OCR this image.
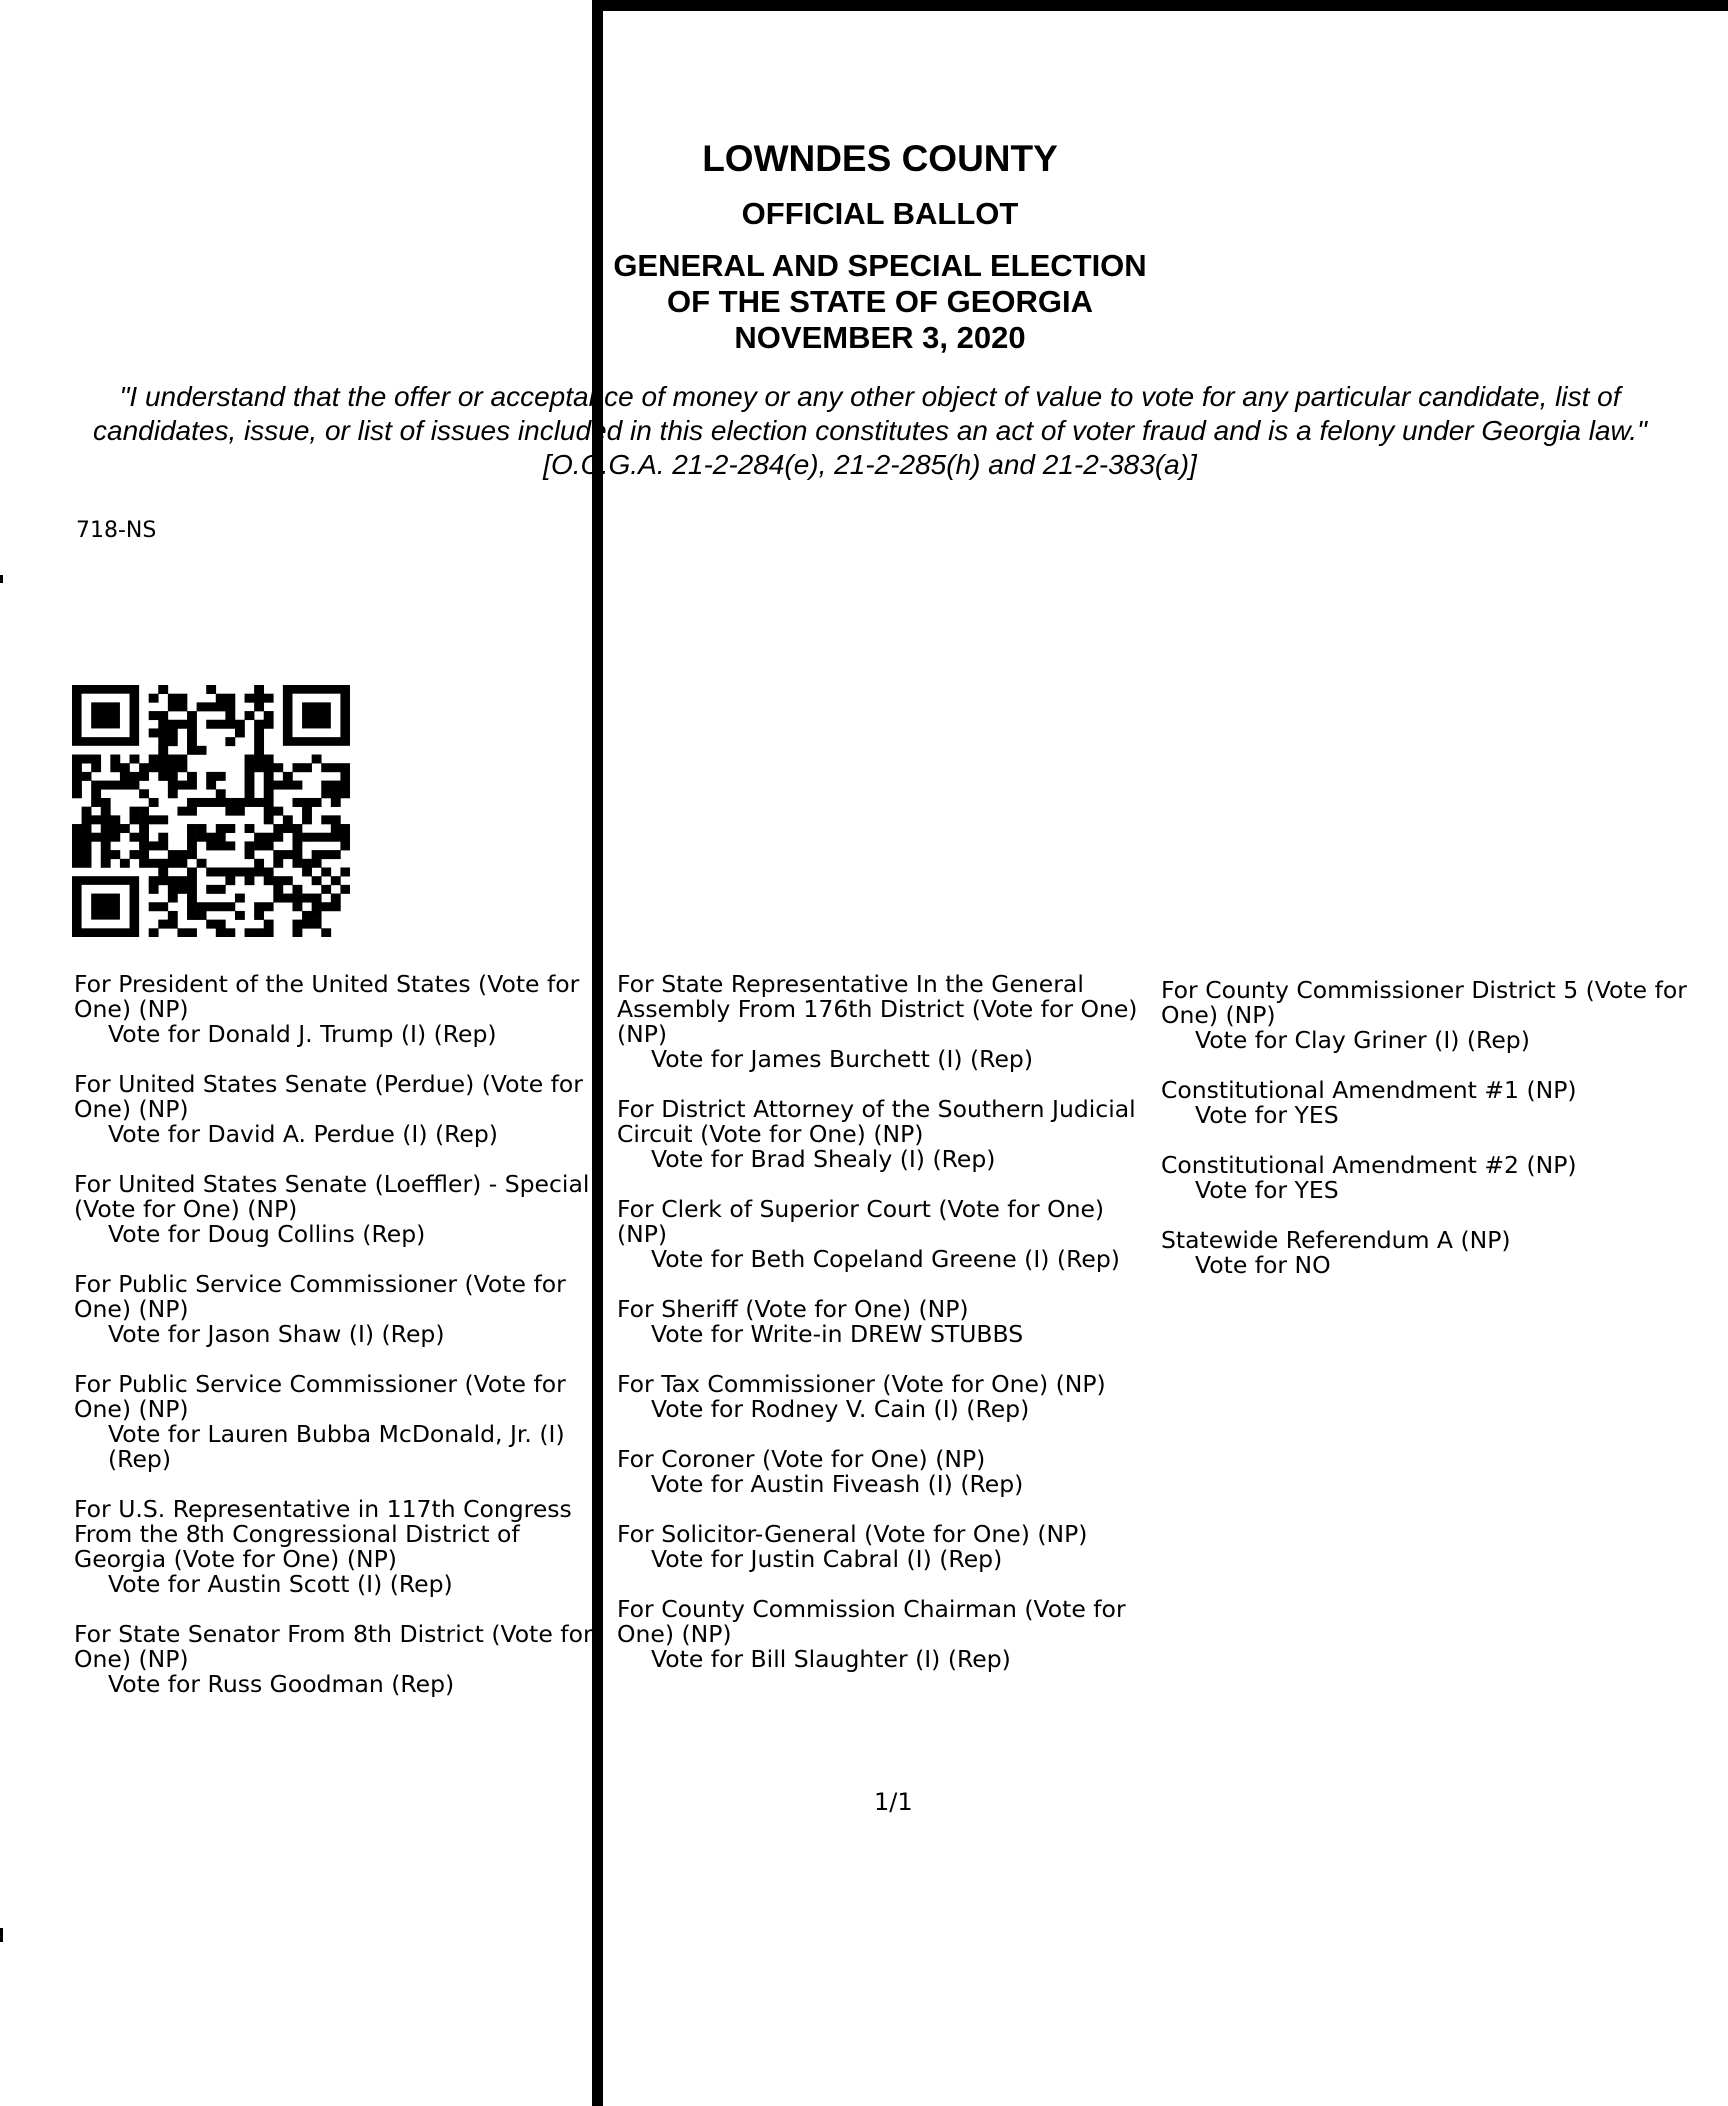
LOWNDES COUNTY
OFFICIAL BALLOT
GENERAL AND SPECIAL ELECTION
OF THE STATE OF GEORGIA
NOVEMBER 3, 2020
"I understand that the offer or acceptance of money or any other object of value to vote for any particular candidate, list of candidates, issue, or list of issues included in this election constitutes an act of voter fraud and is a felony under Georgia law." [O.C.G.A. 21-2-284(e), 21-2-285(h) and 21-2-383(a)]
718-NS
For President of the United States (Vote for One) (NP)
Vote for Donald J. Trump (I) (Rep)
For United States Senate (Perdue) (Vote for One) (NP)
Vote for David A. Perdue (I) (Rep)
For United States Senate (Loeffler) - Special (Vote for One) (NP)
Vote for Doug Collins (Rep)
For Public Service Commissioner (Vote for One) (NP)
Vote for Jason Shaw (I) (Rep)
For Public Service Commissioner (Vote for One) (NP)
Vote for Lauren Bubba McDonald, Jr. (I) (Rep)
For U.S. Representative in 117th Congress From the 8th Congressional District of Georgia (Vote for One) (NP)
Vote for Austin Scott (I) (Rep)
For State Senator From 8th District (Vote for One) (NP)
Vote for Russ Goodman (Rep)
For State Representative In the General Assembly From 176th District (Vote for One) (NP)
Vote for James Burchett (I) (Rep)
For District Attorney of the Southern Judicial Circuit (Vote for One) (NP)
Vote for Brad Shealy (I) (Rep)
For Clerk of Superior Court (Vote for One) (NP)
Vote for Beth Copeland Greene (I) (Rep)
For Sheriff (Vote for One) (NP)
Vote for Write-in DREW STUBBS
For Tax Commissioner (Vote for One) (NP)
Vote for Rodney V. Cain (I) (Rep)
For Coroner (Vote for One) (NP)
Vote for Austin Fiveash (I) (Rep)
For Solicitor-General (Vote for One) (NP)
Vote for Justin Cabral (I) (Rep)
For County Commission Chairman (Vote for One) (NP)
Vote for Bill Slaughter (I) (Rep)
For County Commissioner District 5 (Vote for One) (NP)
Vote for Clay Griner (I) (Rep)
Constitutional Amendment #1 (NP)
Vote for YES
Constitutional Amendment #2 (NP)
Vote for YES
Statewide Referendum A (NP)
Vote for NO
1/1
